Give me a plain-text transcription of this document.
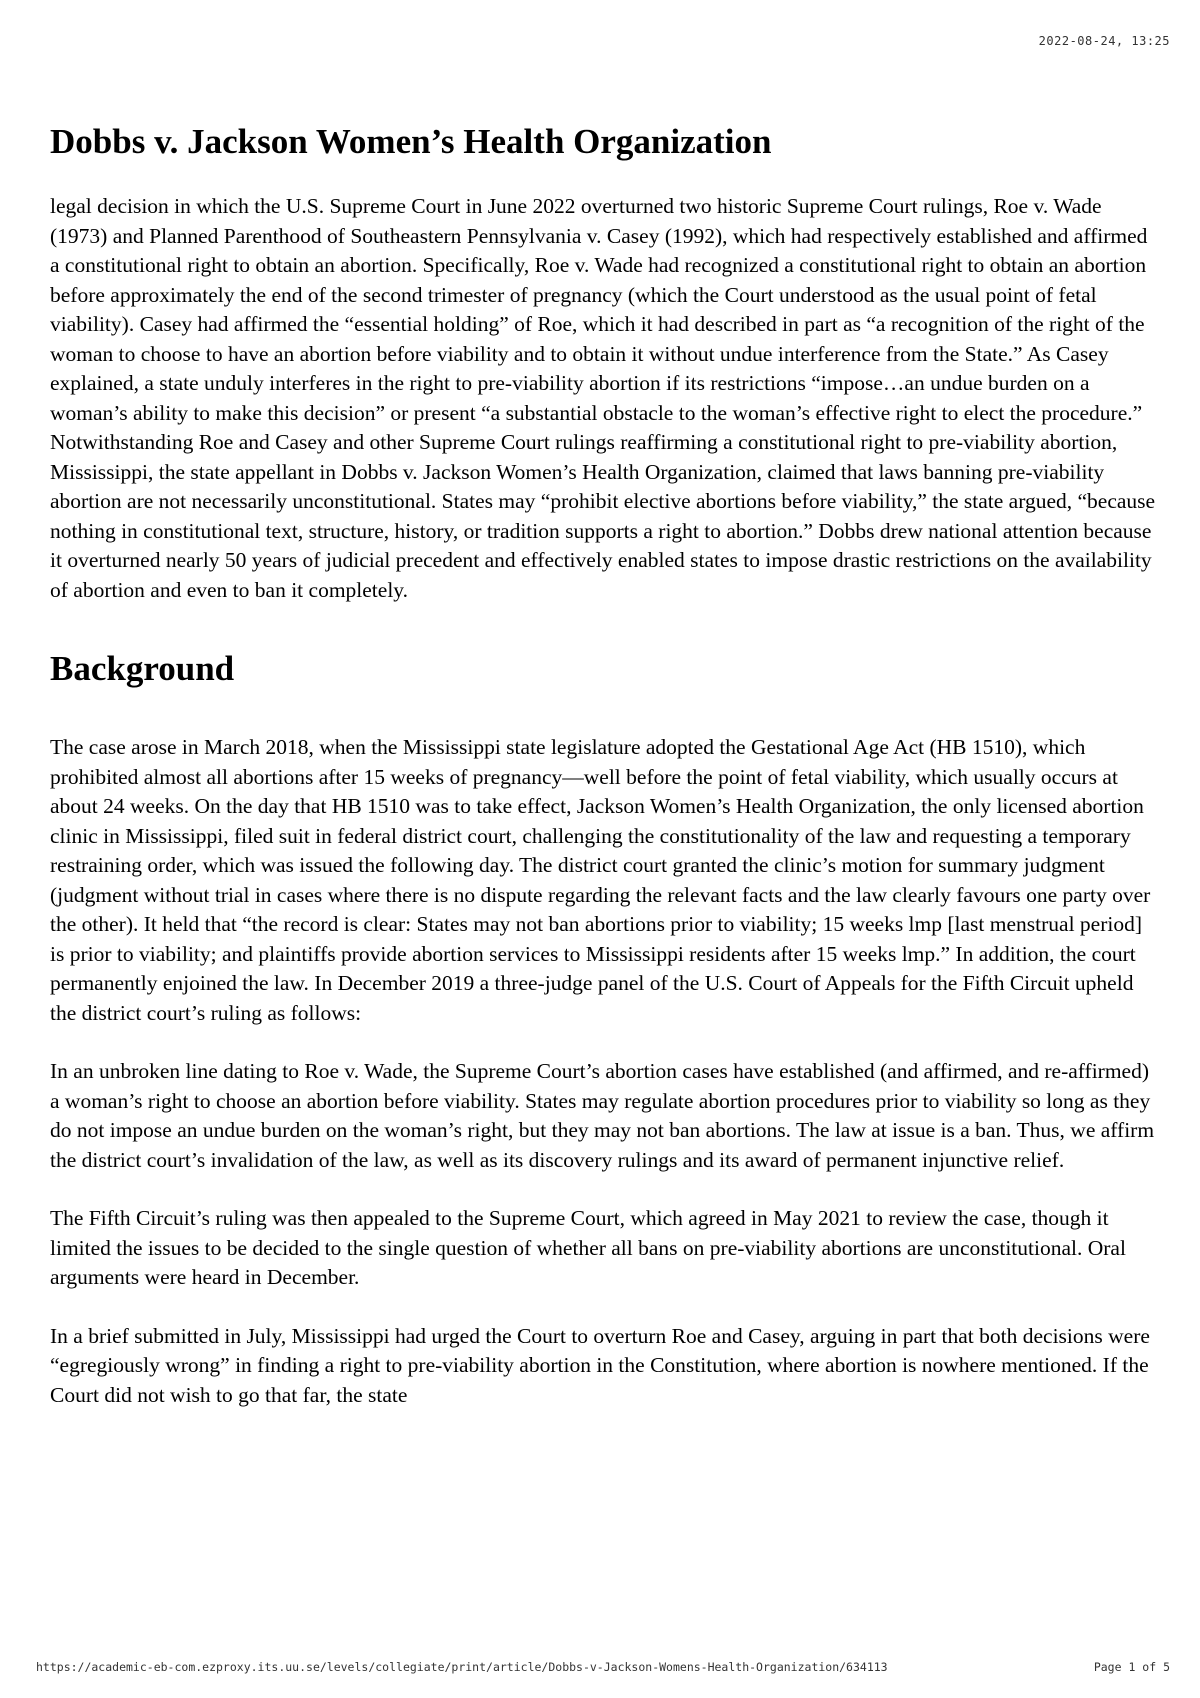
2022-08-24, 13:25
Dobbs v. Jackson Women’s Health Organization

legal decision in which the U.S. Supreme Court in June 2022 overturned two historic Supreme Court rulings, Roe v. Wade (1973) and Planned Parenthood of Southeastern Pennsylvania v. Casey (1992), which had respectively established and affirmed a constitutional right to obtain an abortion. Specifically, Roe v. Wade had recognized a constitutional right to obtain an abortion before approximately the end of the second trimester of pregnancy (which the Court understood as the usual point of fetal viability). Casey had affirmed the “essential holding” of Roe, which it had described in part as “a recognition of the right of the woman to choose to have an abortion before viability and to obtain it without undue interference from the State.” As Casey explained, a state unduly interferes in the right to pre-viability abortion if its restrictions “impose…an undue burden on a woman’s ability to make this decision” or present “a substantial obstacle to the woman’s effective right to elect the procedure.” Notwithstanding Roe and Casey and other Supreme Court rulings reaffirming a constitutional right to pre-viability abortion, Mississippi, the state appellant in Dobbs v. Jackson Women’s Health Organization, claimed that laws banning pre-viability abortion are not necessarily unconstitutional. States may “prohibit elective abortions before viability,” the state argued, “because nothing in constitutional text, structure, history, or tradition supports a right to abortion.” Dobbs drew national attention because it overturned nearly 50 years of judicial precedent and effectively enabled states to impose drastic restrictions on the availability of abortion and even to ban it completely.

Background

The case arose in March 2018, when the Mississippi state legislature adopted the Gestational Age Act (HB 1510), which prohibited almost all abortions after 15 weeks of pregnancy—well before the point of fetal viability, which usually occurs at about 24 weeks. On the day that HB 1510 was to take effect, Jackson Women’s Health Organization, the only licensed abortion clinic in Mississippi, filed suit in federal district court, challenging the constitutionality of the law and requesting a temporary restraining order, which was issued the following day. The district court granted the clinic’s motion for summary judgment (judgment without trial in cases where there is no dispute regarding the relevant facts and the law clearly favours one party over the other). It held that “the record is clear: States may not ban abortions prior to viability; 15 weeks lmp [last menstrual period] is prior to viability; and plaintiffs provide abortion services to Mississippi residents after 15 weeks lmp.” In addition, the court permanently enjoined the law. In December 2019 a three-judge panel of the U.S. Court of Appeals for the Fifth Circuit upheld the district court’s ruling as follows:

In an unbroken line dating to Roe v. Wade, the Supreme Court’s abortion cases have established (and affirmed, and re-affirmed) a woman’s right to choose an abortion before viability. States may regulate abortion procedures prior to viability so long as they do not impose an undue burden on the woman’s right, but they may not ban abortions. The law at issue is a ban. Thus, we affirm the district court’s invalidation of the law, as well as its discovery rulings and its award of permanent injunctive relief.

The Fifth Circuit’s ruling was then appealed to the Supreme Court, which agreed in May 2021 to review the case, though it limited the issues to be decided to the single question of whether all bans on pre-viability abortions are unconstitutional. Oral arguments were heard in December.

In a brief submitted in July, Mississippi had urged the Court to overturn Roe and Casey, arguing in part that both decisions were “egregiously wrong” in finding a right to pre-viability abortion in the Constitution, where abortion is nowhere mentioned. If the Court did not wish to go that far, the state

https://academic-eb-com.ezproxy.its.uu.se/levels/collegiate/print/article/Dobbs-v-Jackson-Womens-Health-Organization/634113	Page 1 of 5
